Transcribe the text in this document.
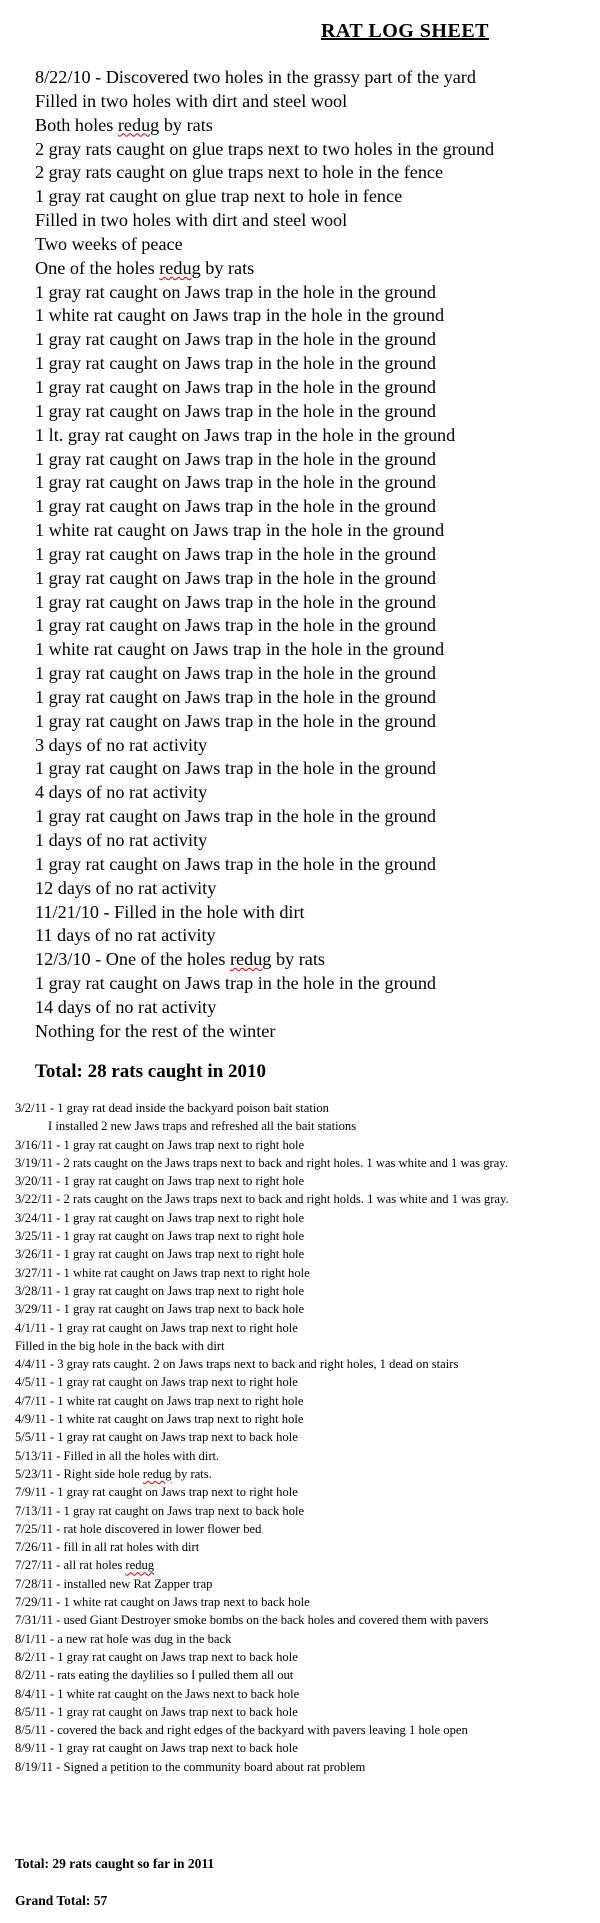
RAT LOG SHEET
8/22/10 - Discovered two holes in the grassy part of the yard
Filled in two holes with dirt and steel wool
Both holes redug by rats
2 gray rats caught on glue traps next to two holes in the ground
2 gray rats caught on glue traps next to hole in the fence
1 gray rat caught on glue trap next to hole in fence
Filled in two holes with dirt and steel wool
Two weeks of peace
One of the holes redug by rats
1 gray rat caught on Jaws trap in the hole in the ground
1 white rat caught on Jaws trap in the hole in the ground
1 gray rat caught on Jaws trap in the hole in the ground
1 gray rat caught on Jaws trap in the hole in the ground
1 gray rat caught on Jaws trap in the hole in the ground
1 gray rat caught on Jaws trap in the hole in the ground
1 lt. gray rat caught on Jaws trap in the hole in the ground
1 gray rat caught on Jaws trap in the hole in the ground
1 gray rat caught on Jaws trap in the hole in the ground
1 gray rat caught on Jaws trap in the hole in the ground
1 white rat caught on Jaws trap in the hole in the ground
1 gray rat caught on Jaws trap in the hole in the ground
1 gray rat caught on Jaws trap in the hole in the ground
1 gray rat caught on Jaws trap in the hole in the ground
1 gray rat caught on Jaws trap in the hole in the ground
1 white rat caught on Jaws trap in the hole in the ground
1 gray rat caught on Jaws trap in the hole in the ground
1 gray rat caught on Jaws trap in the hole in the ground
1 gray rat caught on Jaws trap in the hole in the ground
3 days of no rat activity
1 gray rat caught on Jaws trap in the hole in the ground
4 days of no rat activity
1 gray rat caught on Jaws trap in the hole in the ground
1 days of no rat activity
1 gray rat caught on Jaws trap in the hole in the ground
12 days of no rat activity
11/21/10 - Filled in the hole with dirt
11 days of no rat activity
12/3/10 - One of the holes redug by rats
1 gray rat caught on Jaws trap in the hole in the ground
14 days of no rat activity
Nothing for the rest of the winter
Total: 28 rats caught in 2010
3/2/11 - 1 gray rat dead inside the backyard poison bait station
I installed 2 new Jaws traps and refreshed all the bait stations
3/16/11 - 1 gray rat caught on Jaws trap next to right hole
3/19/11 - 2 rats caught on the Jaws traps next to back and right holes. 1 was white and 1 was gray.
3/20/11 - 1 gray rat caught on Jaws trap next to right hole
3/22/11 - 2 rats caught on the Jaws traps next to back and right holds. 1 was white and 1 was gray.
3/24/11 - 1 gray rat caught on Jaws trap next to right hole
3/25/11 - 1 gray rat caught on Jaws trap next to right hole
3/26/11 - 1 gray rat caught on Jaws trap next to right hole
3/27/11 - 1 white rat caught on Jaws trap next to right hole
3/28/11 - 1 gray rat caught on Jaws trap next to right hole
3/29/11 - 1 gray rat caught on Jaws trap next to back hole
4/1/11 - 1 gray rat caught on Jaws trap next to right hole
Filled in the big hole in the back with dirt
4/4/11 - 3 gray rats caught. 2 on Jaws traps next to back and right holes, 1 dead on stairs
4/5/11 - 1 gray rat caught on Jaws trap next to right hole
4/7/11 - 1 white rat caught on Jaws trap next to right hole
4/9/11 - 1 white rat caught on Jaws trap next to right hole
5/5/11 - 1 gray rat caught on Jaws trap next to back hole
5/13/11 - Filled in all the holes with dirt.
5/23/11 - Right side hole redug by rats.
7/9/11 - 1 gray rat caught on Jaws trap next to right hole
7/13/11 - 1 gray rat caught on Jaws trap next to back hole
7/25/11 - rat hole discovered in lower flower bed
7/26/11 - fill in all rat holes with dirt
7/27/11 - all rat holes redug
7/28/11 - installed new Rat Zapper trap
7/29/11 - 1 white rat caught on Jaws trap next to back hole
7/31/11 - used Giant Destroyer smoke bombs on the back holes and covered them with pavers
8/1/11 - a new rat hole was dug in the back
8/2/11 - 1 gray rat caught on Jaws trap next to back hole
8/2/11 - rats eating the daylilies so I pulled them all out
8/4/11 - 1 white rat caught on the Jaws next to back hole
8/5/11 - 1 gray rat caught on Jaws trap next to back hole
8/5/11 - covered the back and right edges of the backyard with pavers leaving 1 hole open
8/9/11 - 1 gray rat caught on Jaws trap next to back hole
8/19/11 - Signed a petition to the community board about rat problem
Total: 29 rats caught so far in 2011
Grand Total: 57
